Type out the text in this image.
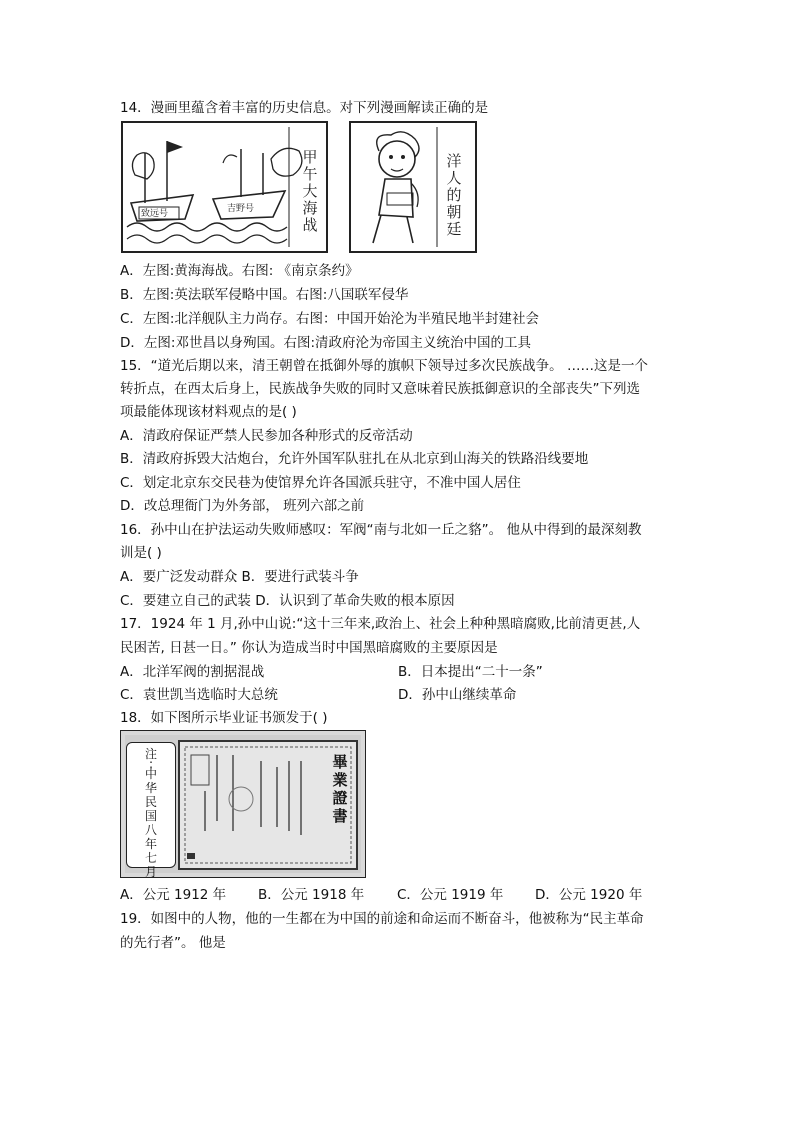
14．漫画里蕴含着丰富的历史信息。对下列漫画解读正确的是
致远号	吉野号
甲
午
大
海
战
洋
人
的
朝
廷
A．左图:黄海海战。右图: 《南京条约》
B．左图:英法联军侵略中国。右图:八国联军侵华
C．左图:北洋舰队主力尚存。右图：中国开始沦为半殖民地半封建社会
D．左图:邓世昌以身殉国。右图:清政府沦为帝国主义统治中国的工具
15．“道光后期以来，清王朝曾在抵御外辱的旗帜下领导过多次民族战争。 ……这是一个
转折点，在西太后身上，民族战争失败的同时又意味着民族抵御意识的全部丧失”下列选
项最能体现该材料观点的是( )
A．清政府保证严禁人民参加各种形式的反帝活动
B．清政府拆毁大沽炮台，允许外国军队驻扎在从北京到山海关的铁路沿线要地
C．划定北京东交民巷为使馆界允许各国派兵驻守，不准中国人居住
D．改总理衙门为外务部， 班列六部之前
16．孙中山在护法运动失败师感叹：军阀“南与北如一丘之貉”。 他从中得到的最深刻教
训是( )
A．要广泛发动群众 B．要进行武装斗争
C．要建立自己的武装 D．认识到了革命失败的根本原因
17．1924 年 1 月,孙中山说:“这十三年来,政治上、社会上种种黑暗腐败,比前清更甚,人
民困苦, 日甚一日。” 你认为造成当时中国黑暗腐败的主要原因是
A．北洋军阀的割据混战	B．日本提出“二十一条”
C．袁世凯当选临时大总统	D．孙中山继续革命
18．如下图所示毕业证书颁发于( )
畢
業
證
書
注
:
中
华
民
国
八
年
七
月
A．公元 1912 年 B．公元 1918 年 C．公元 1919 年 D．公元 1920 年
19．如图中的人物，他的一生都在为中国的前途和命运而不断奋斗，他被称为“民主革命
的先行者”。 他是
